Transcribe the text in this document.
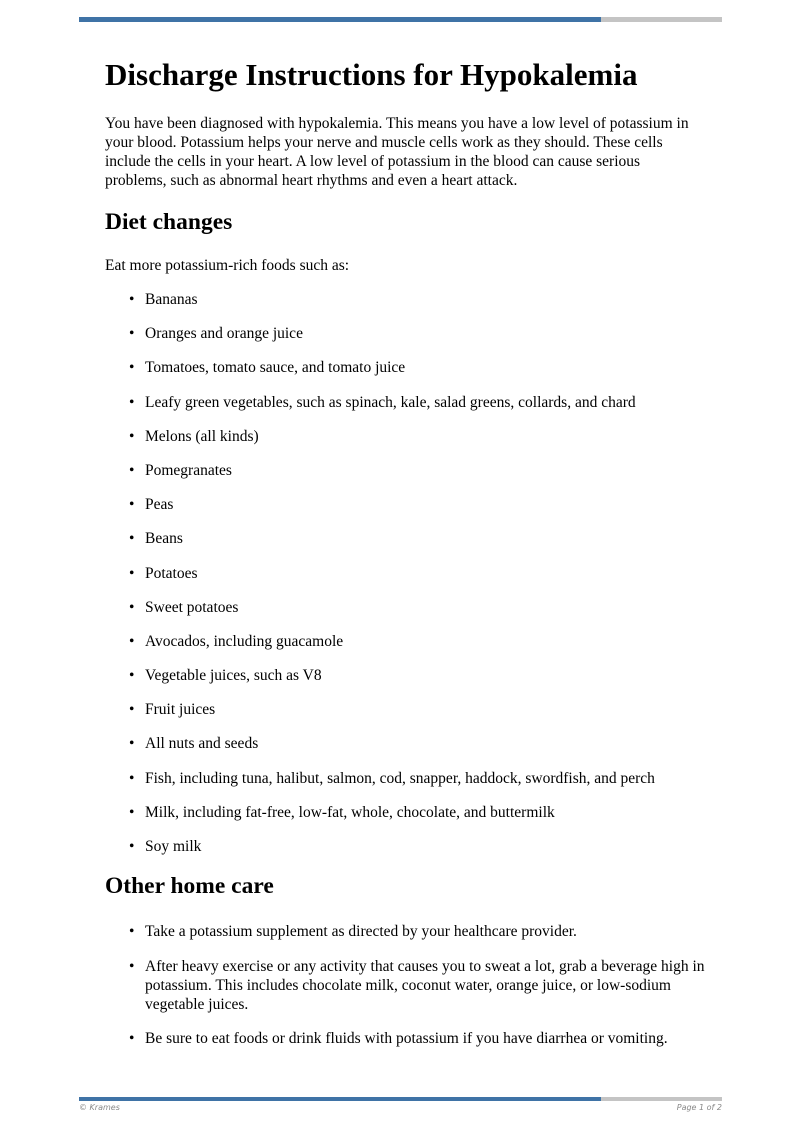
Discharge Instructions for Hypokalemia

You have been diagnosed with hypokalemia. This means you have a low level of potassium in your blood. Potassium helps your nerve and muscle cells work as they should. These cells include the cells in your heart. A low level of potassium in the blood can cause serious problems, such as abnormal heart rhythms and even a heart attack.

Diet changes

Eat more potassium-rich foods such as:

• Bananas
• Oranges and orange juice
• Tomatoes, tomato sauce, and tomato juice
• Leafy green vegetables, such as spinach, kale, salad greens, collards, and chard
• Melons (all kinds)
• Pomegranates
• Peas
• Beans
• Potatoes
• Sweet potatoes
• Avocados, including guacamole
• Vegetable juices, such as V8
• Fruit juices
• All nuts and seeds
• Fish, including tuna, halibut, salmon, cod, snapper, haddock, swordfish, and perch
• Milk, including fat-free, low-fat, whole, chocolate, and buttermilk
• Soy milk
Other home care
• Take a potassium supplement as directed by your healthcare provider.
• After heavy exercise or any activity that causes you to sweat a lot, grab a beverage high in potassium. This includes chocolate milk, coconut water, orange juice, or low-sodium vegetable juices.
• Be sure to eat foods or drink fluids with potassium if you have diarrhea or vomiting.
© Krames	Page 1 of 2
